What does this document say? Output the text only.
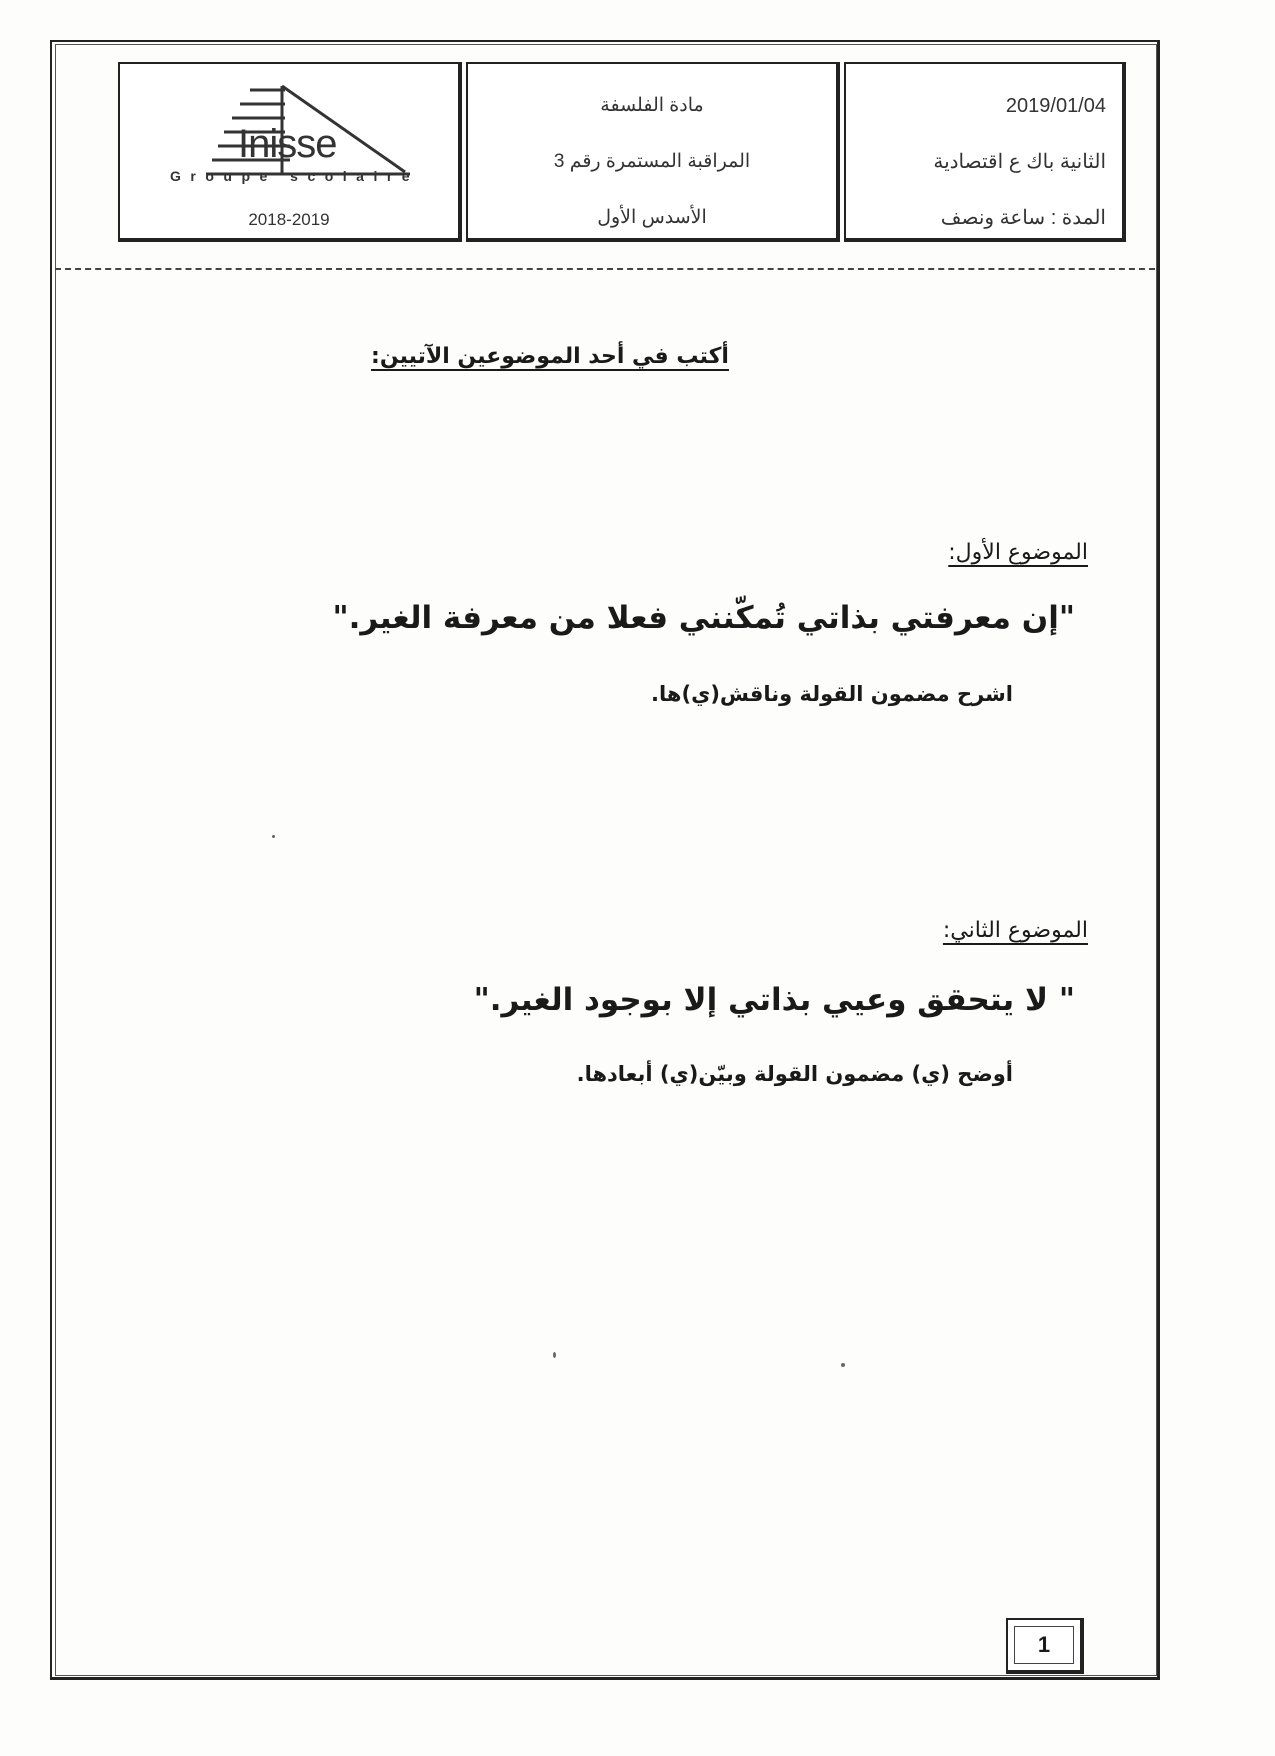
Inisse
Groupe scolaire
2018-2019
مادة الفلسفة
المراقبة المستمرة رقم 3
الأسدس الأول
2019/01/04
الثانية باك ع اقتصادية
المدة : ساعة ونصف
أكتب في أحد الموضوعين الآتيين:
الموضوع الأول:
"إن معرفتي بذاتي تُمكّنني فعلا من معرفة الغير."
اشرح مضمون القولة وناقش(ي)ها.
الموضوع الثاني:
" لا يتحقق وعيي بذاتي إلا بوجود الغير."
أوضح (ي) مضمون القولة وبيّن(ي) أبعادها.
1
